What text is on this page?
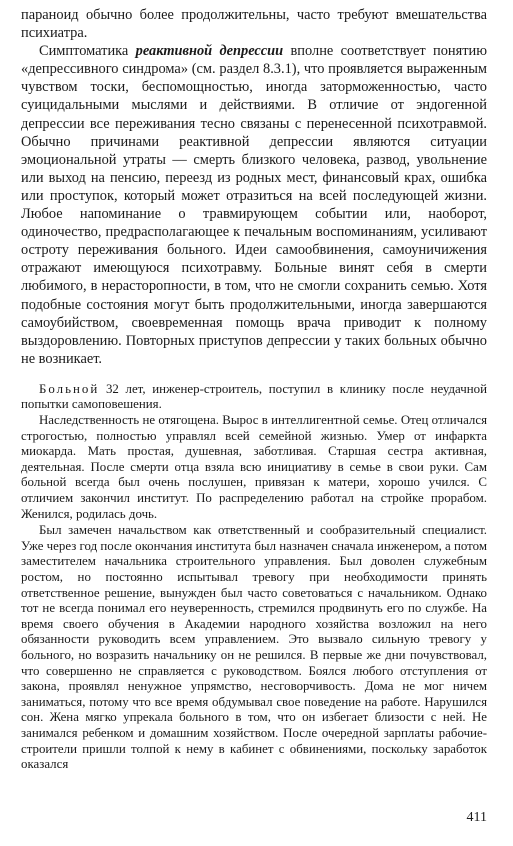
параноид обычно более продолжительны, часто требуют вмешательства психиатра.

Симптоматика реактивной депрессии вполне соответствует понятию «депрессивного синдрома» (см. раздел 8.3.1), что проявляется выраженным чувством тоски, беспомощностью, иногда заторможенностью, часто суицидальными мыслями и действиями. В отличие от эндогенной депрессии все переживания тесно связаны с перенесенной психотравмой. Обычно причинами реактивной депрессии являются ситуации эмоциональной утраты — смерть близкого человека, развод, увольнение или выход на пенсию, переезд из родных мест, финансовый крах, ошибка или проступок, который может отразиться на всей последующей жизни. Любое напоминание о травмирующем событии или, наоборот, одиночество, предрасполагающее к печальным воспоминаниям, усиливают остроту переживания больного. Идеи самообвинения, самоуничижения отражают имеющуюся психотравму. Больные винят себя в смерти любимого, в нерасторопности, в том, что не смогли сохранить семью. Хотя подобные состояния могут быть продолжительными, иногда завершаются самоубийством, своевременная помощь врача приводит к полному выздоровлению. Повторных приступов депрессии у таких больных обычно не возникает.

Больной 32 лет, инженер-строитель, поступил в клинику после неудачной попытки самоповешения.

Наследственность не отягощена. Вырос в интеллигентной семье. Отец отличался строгостью, полностью управлял всей семейной жизнью. Умер от инфаркта миокарда. Мать простая, душевная, заботливая. Старшая сестра активная, деятельная. После смерти отца взяла всю инициативу в семье в свои руки. Сам больной всегда был очень послушен, привязан к матери, хорошо учился. С отличием закончил институт. По распределению работал на стройке прорабом. Женился, родилась дочь.

Был замечен начальством как ответственный и сообразительный специалист. Уже через год после окончания института был назначен сначала инженером, а потом заместителем начальника строительного управления. Был доволен служебным ростом, но постоянно испытывал тревогу при необходимости принять ответственное решение, вынужден был часто советоваться с начальником. Однако тот не всегда понимал его неуверенность, стремился продвинуть его по службе. На время своего обучения в Академии народного хозяйства возложил на него обязанности руководить всем управлением. Это вызвало сильную тревогу у больного, но возразить начальнику он не решился. В первые же дни почувствовал, что совершенно не справляется с руководством. Боялся любого отступления от закона, проявлял ненужное упрямство, несговорчивость. Дома не мог ничем заниматься, потому что все время обдумывал свое поведение на работе. Нарушился сон. Жена мягко упрекала больного в том, что он избегает близости с ней. Не занимался ребенком и домашним хозяйством. После очередной зарплаты рабочие-строители пришли толпой к нему в кабинет с обвинениями, поскольку заработок оказался

411
